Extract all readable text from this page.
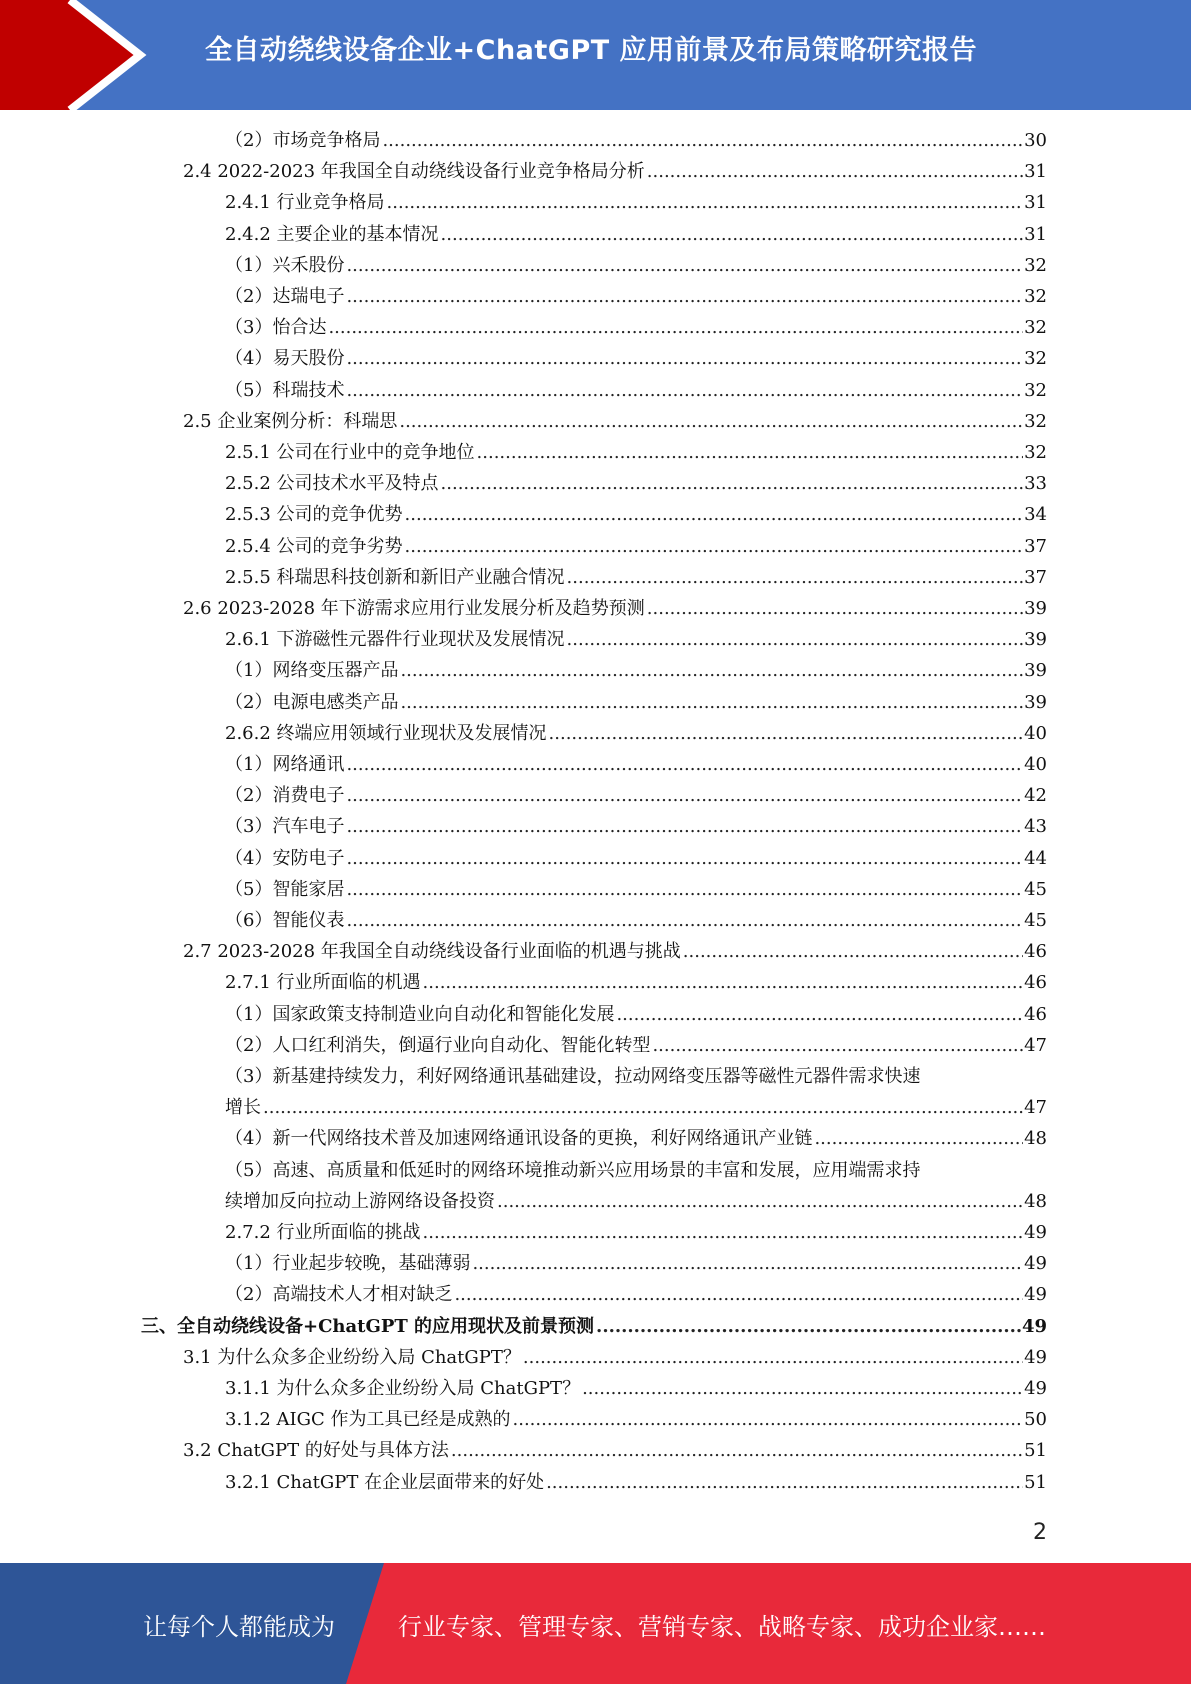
全自动绕线设备企业+ChatGPT 应用前景及布局策略研究报告
（2）市场竞争格局 .....	30
2.4 2022-2023 年我国全自动绕线设备行业竞争格局分析 .....	31
2.4.1 行业竞争格局 .....	31
2.4.2 主要企业的基本情况 .....	31
（1）兴禾股份 .....	32
（2）达瑞电子 .....	32
（3）怡合达 .....	32
（4）易天股份 .....	32
（5）科瑞技术 .....	32
2.5 企业案例分析：科瑞思 .....	32
2.5.1 公司在行业中的竞争地位 .....	32
2.5.2 公司技术水平及特点 .....	33
2.5.3 公司的竞争优势 .....	34
2.5.4 公司的竞争劣势 .....	37
2.5.5 科瑞思科技创新和新旧产业融合情况 .....	37
2.6 2023-2028 年下游需求应用行业发展分析及趋势预测 .....	39
2.6.1 下游磁性元器件行业现状及发展情况 .....	39
（1）网络变压器产品 .....	39
（2）电源电感类产品 .....	39
2.6.2 终端应用领域行业现状及发展情况 .....	40
（1）网络通讯 .....	40
（2）消费电子 .....	42
（3）汽车电子 .....	43
（4）安防电子 .....	44
（5）智能家居 .....	45
（6）智能仪表 .....	45
2.7 2023-2028 年我国全自动绕线设备行业面临的机遇与挑战 .....	46
2.7.1 行业所面临的机遇 .....	46
（1）国家政策支持制造业向自动化和智能化发展 .....	46
（2）人口红利消失，倒逼行业向自动化、智能化转型 .....	47
（3）新基建持续发力，利好网络通讯基础建设，拉动网络变压器等磁性元器件需求快速
增长 .....	47
（4）新一代网络技术普及加速网络通讯设备的更换，利好网络通讯产业链 .....	48
（5）高速、高质量和低延时的网络环境推动新兴应用场景的丰富和发展，应用端需求持
续增加反向拉动上游网络设备投资 .....	48
2.7.2 行业所面临的挑战 .....	49
（1）行业起步较晚，基础薄弱 .....	49
（2）高端技术人才相对缺乏 .....	49
三、全自动绕线设备+ChatGPT 的应用现状及前景预测 .....	49
3.1 为什么众多企业纷纷入局 ChatGPT？ .....	49
3.1.1 为什么众多企业纷纷入局 ChatGPT？ .....	49
3.1.2 AIGC 作为工具已经是成熟的 .....	50
3.2 ChatGPT 的好处与具体方法 .....	51
3.2.1 ChatGPT 在企业层面带来的好处 .....	51
2
让每个人都能成为	行业专家、管理专家、营销专家、战略专家、成功企业家……
